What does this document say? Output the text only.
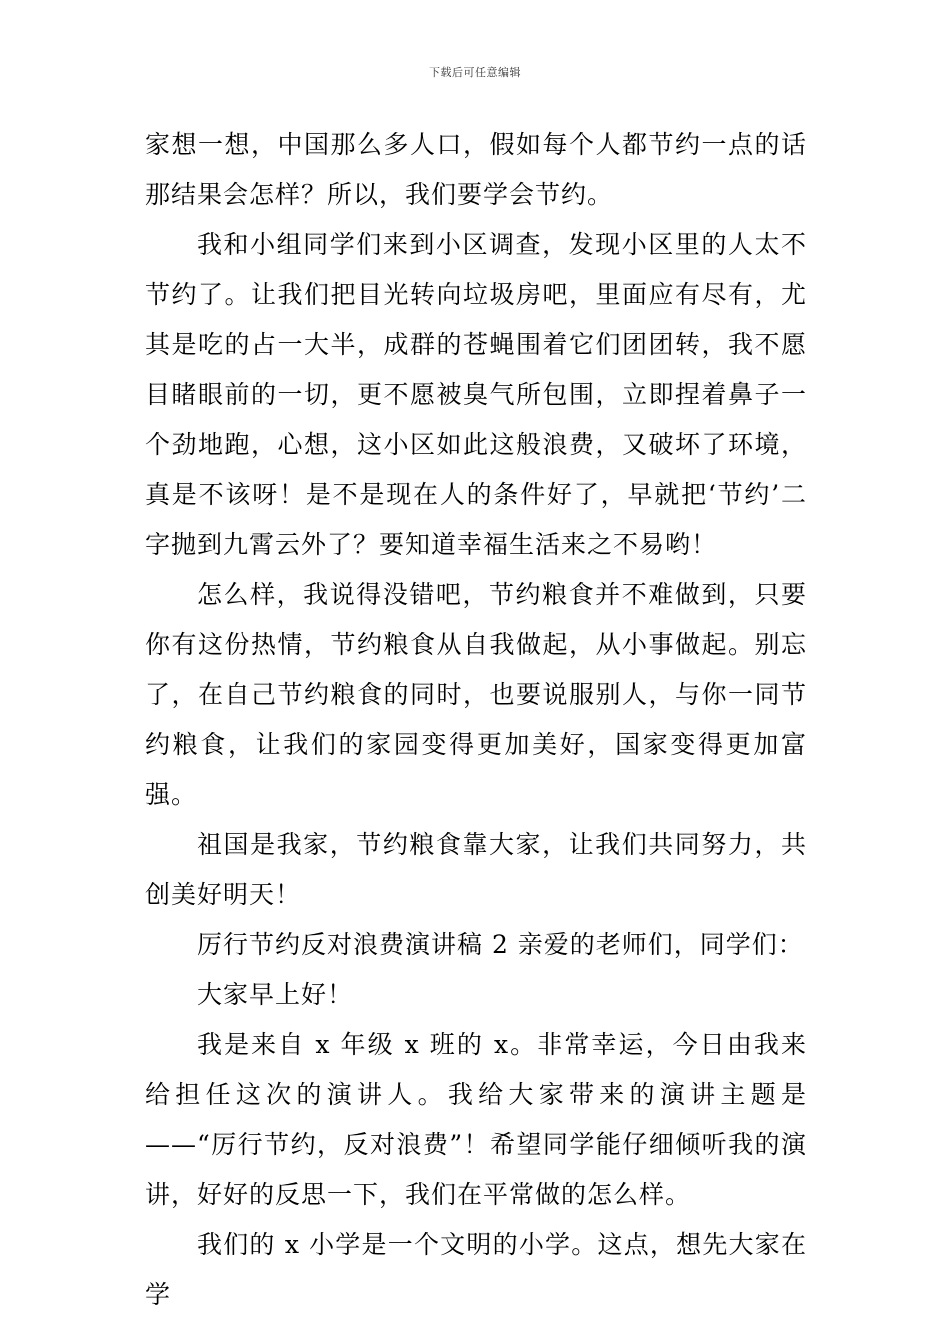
下载后可任意编辑

家想一想，中国那么多人口，假如每个人都节约一点的话那结果会怎样？所以，我们要学会节约。

我和小组同学们来到小区调查，发现小区里的人太不节约了。让我们把目光转向垃圾房吧，里面应有尽有，尤其是吃的占一大半，成群的苍蝇围着它们团团转，我不愿目睹眼前的一切，更不愿被臭气所包围，立即捏着鼻子一个劲地跑，心想，这小区如此这般浪费，又破坏了环境，真是不该呀！是不是现在人的条件好了，早就把‘节约’二字抛到九霄云外了？要知道幸福生活来之不易哟！

怎么样，我说得没错吧，节约粮食并不难做到，只要你有这份热情，节约粮食从自我做起，从小事做起。别忘了，在自己节约粮食的同时，也要说服别人，与你一同节约粮食，让我们的家园变得更加美好，国家变得更加富强。

祖国是我家，节约粮食靠大家，让我们共同努力，共创美好明天！

厉行节约反对浪费演讲稿 2 亲爱的老师们，同学们：

大家早上好！

我是来自 x 年级 x 班的 x。非常幸运，今日由我来给担任这次的演讲人。我给大家带来的演讲主题是——“厉行节约，反对浪费”！希望同学能仔细倾听我的演讲，好好的反思一下，我们在平常做的怎么样。

我们的 x 小学是一个文明的小学。这点，想先大家在学
